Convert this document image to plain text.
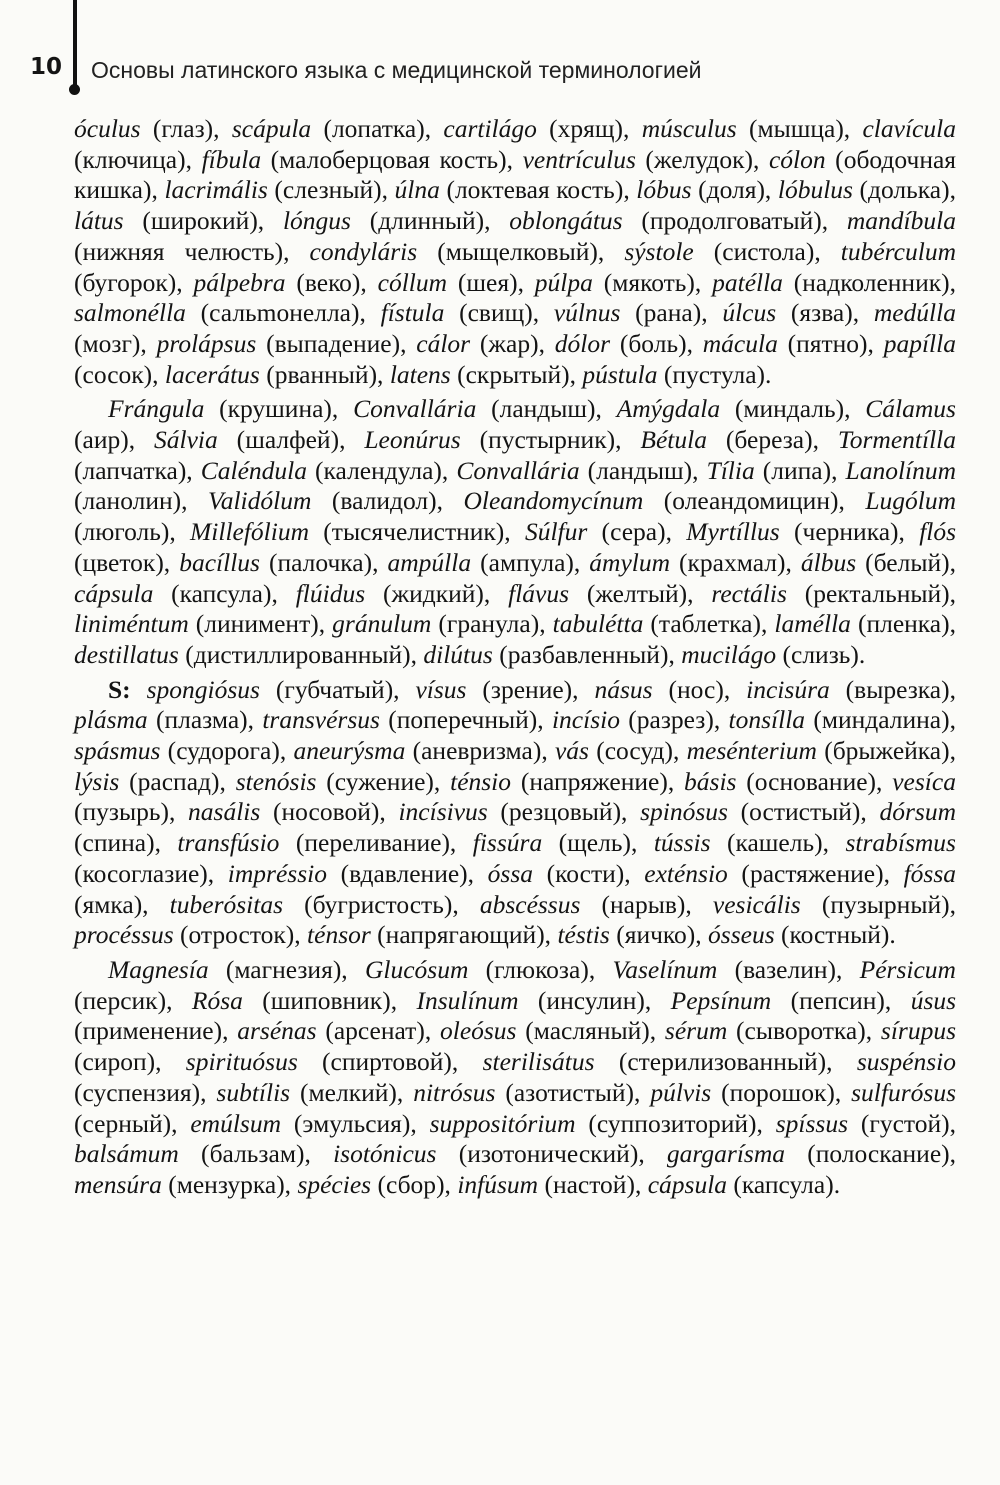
10 Основы латинского языка с медицинской терминологией

óculus (глаз), scápula (лопатка), cartilágo (хрящ), músculus (мышца), clavícula (ключица), fíbula (малоберцовая кость), ventrículus (желудок), cólon (ободочная кишка), lacrimális (слезный), úlna (локтевая кость), lóbus (доля), lóbulus (долька), látus (широкий), lóngus (длинный), oblongátus (продолговатый), mandíbula (нижняя челюсть), condyláris (мыщелковый), sýstole (систола), tubérculum (бугорок), pálpebra (веко), cóllum (шея), púlpa (мякоть), patélla (надколенник), salmonélla (сальmонелла), fístula (свищ), vúlnus (рана), úlcus (язва), medúlla (мозг), prolápsus (выпадение), cálor (жар), dólor (боль), mácula (пятно), papílla (сосок), lacerátus (рванный), latens (скрытый), pústula (пустула).

Frángula (крушина), Convallária (ландыш), Amýgdala (миндаль), Cálamus (аир), Sálvia (шалфей), Leonúrus (пустырник), Bétula (береза), Tormentílla (лапчатка), Caléndula (календула), Convallária (ландыш), Tília (липа), Lanolínum (ланолин), Validólum (валидол), Oleandomycínum (олеандомицин), Lugólum (люголь), Millefólium (тысячелистник), Súlfur (сера), Myrtíllus (черника), flós (цветок), bacíllus (палочка), ampúlla (ампула), ámylum (крахмал), álbus (белый), cápsula (капсула), flúidus (жидкий), flávus (желтый), rectális (ректальный), liniméntum (линимент), gránulum (гранула), tabulétta (таблетка), laméllа (пленка), destillatus (дистиллированный), dilútus (разбавленный), mucilágo (слизь).

S: spongiósus (губчатый), vísus (зрение), násus (нос), incisúra (вырезка), plásma (плазма), transvérsus (поперечный), incísio (разрез), tonsílla (миндалина), spásmus (судорога), aneurýsma (аневризма), vás (сосуд), mesénterium (брыжейка), lýsis (распад), stenósis (сужение), ténsio (напряжение), básis (основание), vesíca (пузырь), nasális (носовой), incísivus (резцовый), spinósus (остистый), dórsum (спина), transfúsio (переливание), fissúra (щель), tússis (кашель), strabísmus (косоглазие), impréssio (вдавление), óssa (кости), exténsio (растяжение), fóssa (ямка), tuberósitas (бугристость), abscéssus (нарыв), vesicális (пузырный), procéssus (отросток), ténsor (напрягающий), téstis (яичко), ósseus (костный).

Magnesía (магнезия), Glucósum (глюкоза), Vaselínum (вазелин), Pérsicum (персик), Rósa (шиповник), Insulínum (инсулин), Pepsínum (пепсин), úsus (применение), arsénas (арсенат), oleósus (масляный), sérum (сыворотка), sírupus (сироп), spirituósus (спиртовой), sterilisátus (стерилизованный), suspénsio (суспензия), subtílis (мелкий), nitrósus (азотистый), púlvis (порошок), sulfurósus (серный), emúlsum (эмульсия), suppositórium (суппозиторий), spíssus (густой), balsámum (бальзам), isotónicus (изотонический), gargarísma (полоскание), mensúra (мензурка), spécies (сбор), infúsum (настой), cápsula (капсула).
